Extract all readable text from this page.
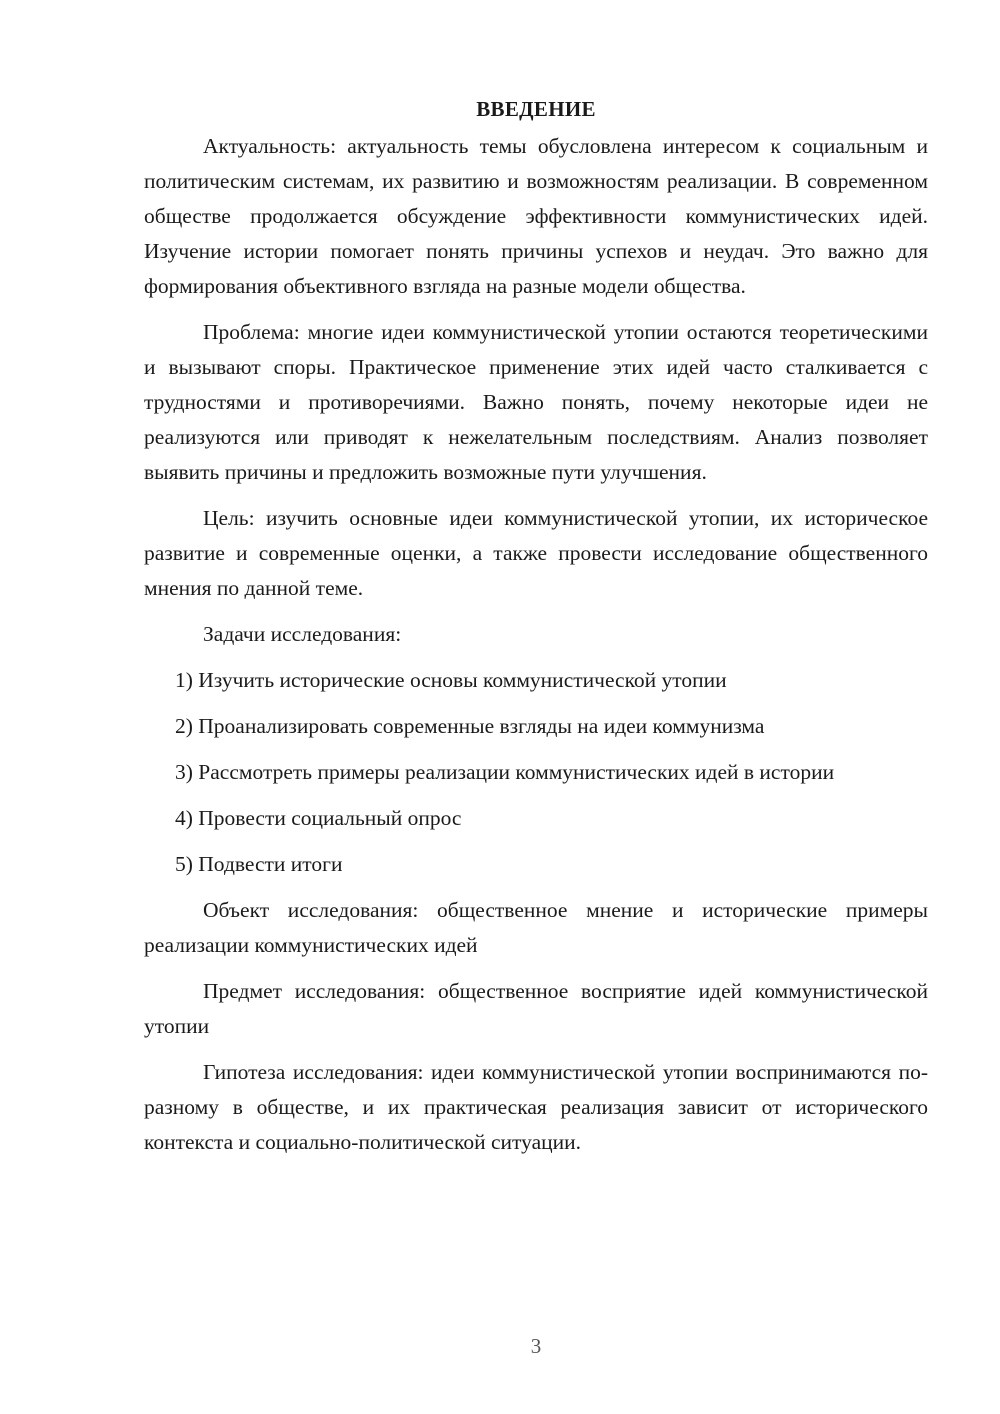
ВВЕДЕНИЕ
Актуальность: актуальность темы обусловлена интересом к социальным и политическим системам, их развитию и возможностям реализации. В современном обществе продолжается обсуждение эффективности коммунистических идей. Изучение истории помогает понять причины успехов и неудач. Это важно для формирования объективного взгляда на разные модели общества.
Проблема: многие идеи коммунистической утопии остаются теоретическими и вызывают споры. Практическое применение этих идей часто сталкивается с трудностями и противоречиями. Важно понять, почему некоторые идеи не реализуются или приводят к нежелательным последствиям. Анализ позволяет выявить причины и предложить возможные пути улучшения.
Цель: изучить основные идеи коммунистической утопии, их историческое развитие и современные оценки, а также провести исследование общественного мнения по данной теме.
Задачи исследования:
1) Изучить исторические основы коммунистической утопии
2) Проанализировать современные взгляды на идеи коммунизма
3) Рассмотреть примеры реализации коммунистических идей в истории
4) Провести социальный опрос
5) Подвести итоги
Объект исследования: общественное мнение и исторические примеры реализации коммунистических идей
Предмет исследования: общественное восприятие идей коммунистической утопии
Гипотеза исследования: идеи коммунистической утопии воспринимаются по-разному в обществе, и их практическая реализация зависит от исторического контекста и социально-политической ситуации.
3
